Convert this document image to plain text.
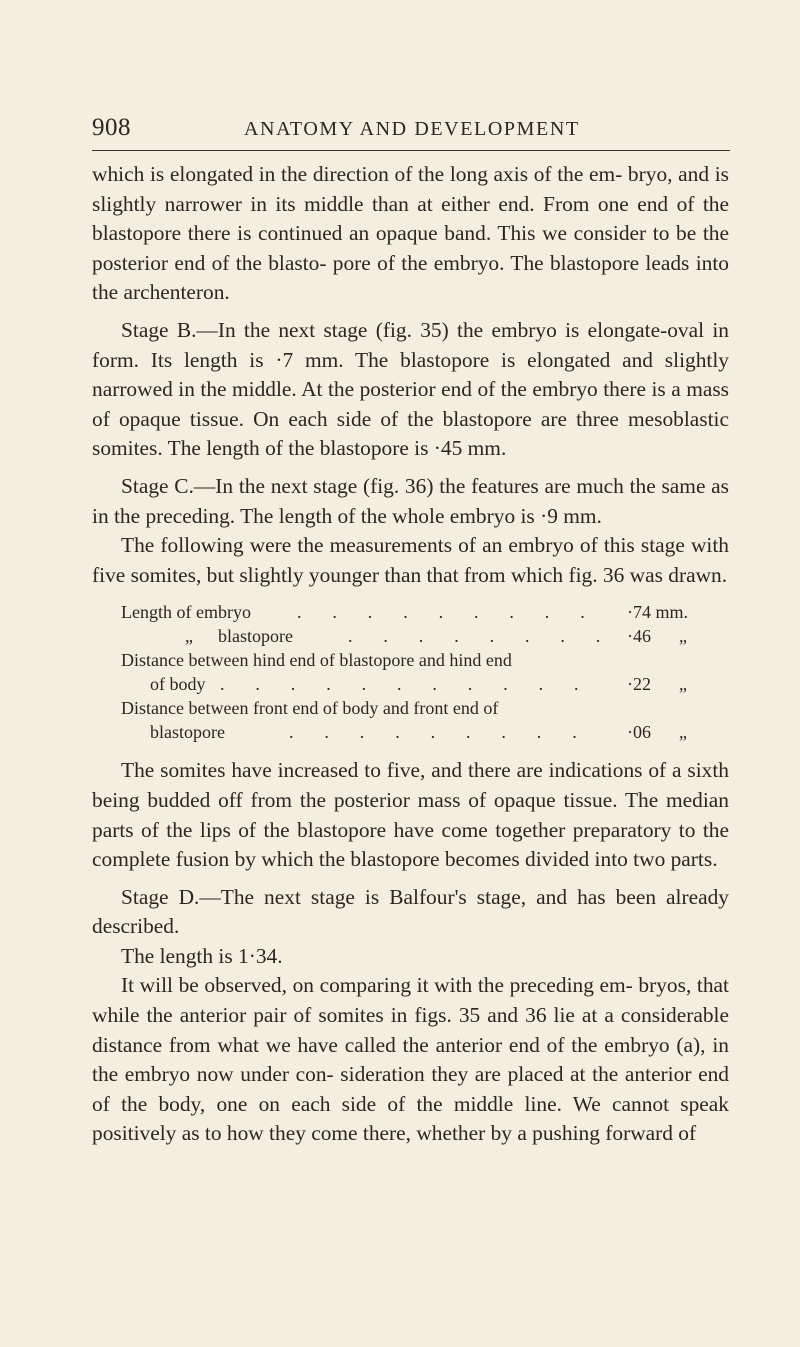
908	ANATOMY AND DEVELOPMENT

which is elongated in the direction of the long axis of the em- bryo, and is slightly narrower in its middle than at either end. From one end of the blastopore there is continued an opaque band. This we consider to be the posterior end of the blasto- pore of the embryo. The blastopore leads into the archenteron.

Stage B.—In the next stage (fig. 35) the embryo is elongate-oval in form. Its length is ·7 mm. The blastopore is elongated and slightly narrowed in the middle. At the posterior end of the embryo there is a mass of opaque tissue. On each side of the blastopore are three mesoblastic somites. The length of the blastopore is ·45 mm.

Stage C.—In the next stage (fig. 36) the features are much the same as in the preceding. The length of the whole embryo is ·9 mm.

The following were the measurements of an embryo of this stage with five somites, but slightly younger than that from which fig. 36 was drawn.

Length of embryo	. . . . . . . . . ·74 mm.
„ blastopore	. . . . . . . . ·46 „
Distance between hind end of blastopore and hind end
of body . . . . . . . . . . . ·22 „
Distance between front end of body and front end of
blastopore	. . . . . . . . . ·06 „

The somites have increased to five, and there are indications of a sixth being budded off from the posterior mass of opaque tissue. The median parts of the lips of the blastopore have come together preparatory to the complete fusion by which the blastopore becomes divided into two parts.

Stage D.—The next stage is Balfour's stage, and has been already described.

The length is 1·34.

It will be observed, on comparing it with the preceding em- bryos, that while the anterior pair of somites in figs. 35 and 36 lie at a considerable distance from what we have called the anterior end of the embryo (a), in the embryo now under con- sideration they are placed at the anterior end of the body, one on each side of the middle line. We cannot speak positively as to how they come there, whether by a pushing forward of
